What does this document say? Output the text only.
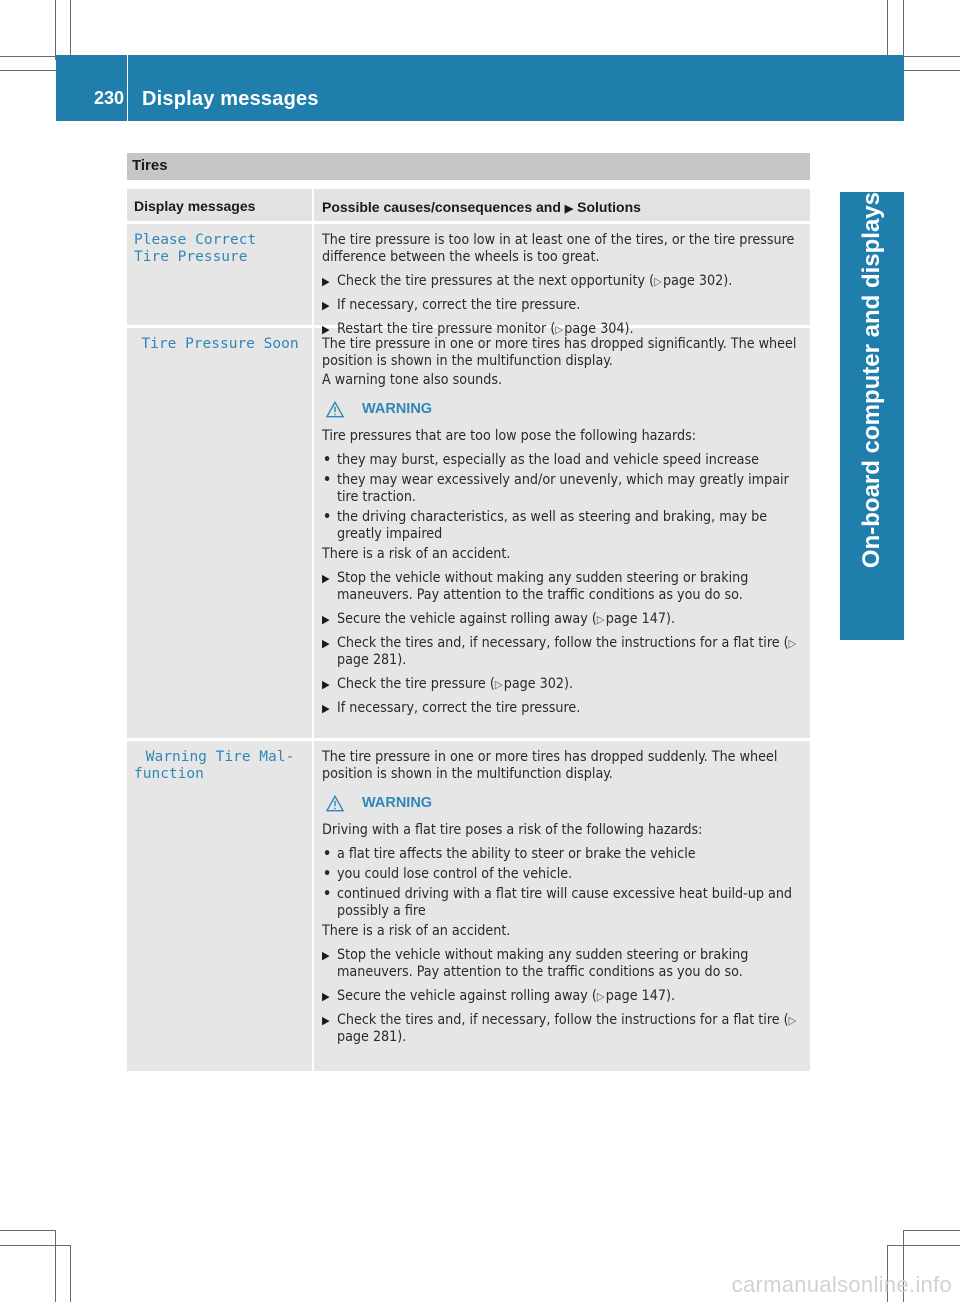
230 Display messages
On-board computer and displays
Tires
Display messages	Possible causes/consequences and ▶ Solutions
Please Correct
Tire Pressure

The tire pressure is too low in at least one of the tires, or the tire pressure difference between the wheels is too great.

▶ Check the tire pressures at the next opportunity (▷ page 302).
▶ If necessary, correct the tire pressure.
▶ Restart the tire pressure monitor (▷ page 304).
Tire Pressure Soon	The tire pressure in one or more tires has dropped significantly. The wheel position is shown in the multifunction display.

A warning tone also sounds.

WARNING

Tire pressures that are too low pose the following hazards:

• they may burst, especially as the load and vehicle speed increase
• they may wear excessively and/or unevenly, which may greatly impair tire traction.
• the driving characteristics, as well as steering and braking, may be greatly impaired

There is a risk of an accident.

▶ Stop the vehicle without making any sudden steering or braking maneuvers. Pay attention to the traffic conditions as you do so.
▶ Secure the vehicle against rolling away (▷ page 147).
▶ Check the tires and, if necessary, follow the instructions for a flat tire (▷ page 281).
▶ Check the tire pressure (▷ page 302).
▶ If necessary, correct the tire pressure.
Warning Tire Mal‑
function

The tire pressure in one or more tires has dropped suddenly. The wheel position is shown in the multifunction display.

WARNING

Driving with a flat tire poses a risk of the following hazards:

• a flat tire affects the ability to steer or brake the vehicle
• you could lose control of the vehicle.
• continued driving with a flat tire will cause excessive heat build-up and possibly a fire

There is a risk of an accident.

▶ Stop the vehicle without making any sudden steering or braking maneuvers. Pay attention to the traffic conditions as you do so.
▶ Secure the vehicle against rolling away (▷ page 147).
▶ Check the tires and, if necessary, follow the instructions for a flat tire (▷ page 281).
carmanualsonline.info
